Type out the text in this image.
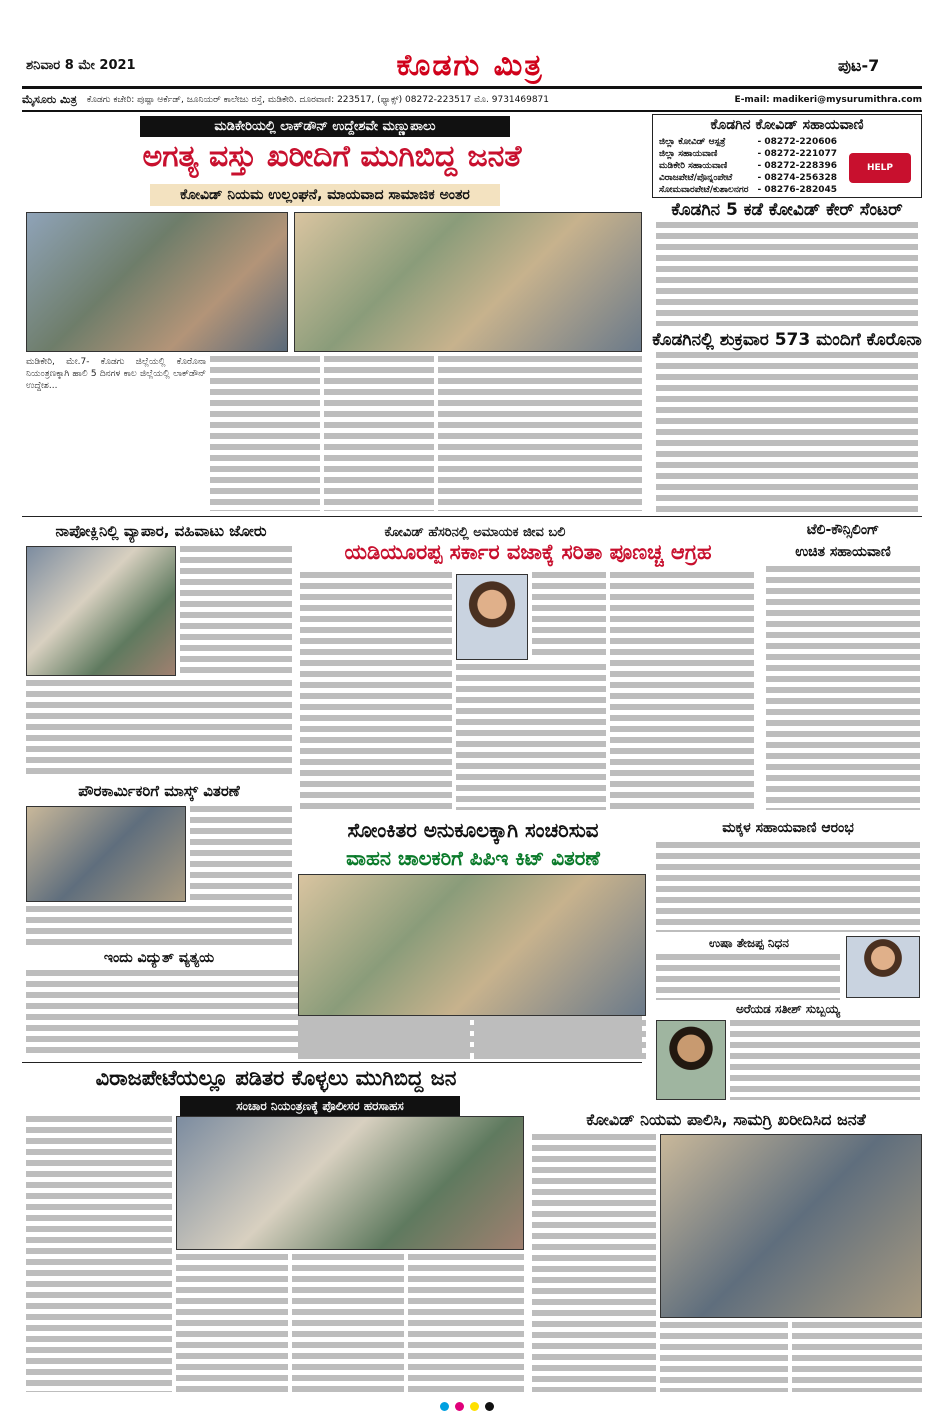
ಶನಿವಾರ 8 ಮೇ 2021	ಕೊಡಗು ಮಿತ್ರ	ಪುಟ-7
ಮೈಸೂರು ಮಿತ್ರ ಕೊಡಗು ಕಚೇರಿ: ಪುಷ್ಪಾ ಆರ್ಕೆಡ್, ಜೂನಿಯರ್ ಕಾಲೇಜು ರಸ್ತೆ, ಮಡಿಕೇರಿ. ದೂರವಾಣಿ: 223517, (ಫ್ಯಾಕ್ಸ್) 08272-223517 ಮೊ. 9731469871	E-mail: madikeri@mysurumithra.com
ಮಡಿಕೇರಿಯಲ್ಲಿ ಲಾಕ್‌ಡೌನ್ ಉದ್ದೇಶವೇ ಮಣ್ಣುಪಾಲು
ಅಗತ್ಯ ವಸ್ತು ಖರೀದಿಗೆ ಮುಗಿಬಿದ್ದ ಜನತೆ
ಕೋವಿಡ್ ನಿಯಮ ಉಲ್ಲಂಘನೆ, ಮಾಯವಾದ ಸಾಮಾಜಿಕ ಅಂತರ
ಮಡಿಕೇರಿ, ಮೇ.7- ಕೊಡಗು ಜಿಲ್ಲೆಯಲ್ಲಿ ಕೊರೊನಾ ನಿಯಂತ್ರಣಕ್ಕಾಗಿ ಹಾಲಿ 5 ದಿನಗಳ ಕಾಲ ಜಿಲ್ಲೆಯಲ್ಲಿ ಲಾಕ್‌ಡೌನ್ ಉದ್ದೇಶ...
ಕೊಡಗಿನ ಕೋವಿಡ್ ಸಹಾಯವಾಣಿ
ಜಿಲ್ಲಾ ಕೋವಿಡ್ ಆಸ್ಪತ್ರೆ	- 08272-220606
ಜಿಲ್ಲಾ ಸಹಾಯವಾಣಿ	- 08272-221077
ಮಡಿಕೇರಿ ಸಹಾಯವಾಣಿ	- 08272-228396
ವಿರಾಜಪೇಟೆ/ಪೊನ್ನಂಪೇಟೆ	- 08274-256328
ಸೋಮವಾರಪೇಟೆ/ಕುಶಾಲನಗರ - 08276-282045
HELP
ಕೊಡಗಿನ 5 ಕಡೆ ಕೋವಿಡ್ ಕೇರ್ ಸೆಂಟರ್
ಕೊಡಗಿನಲ್ಲಿ ಶುಕ್ರವಾರ 573 ಮಂದಿಗೆ ಕೊರೊನಾ
ನಾಪೋಕ್ಲಿನಿಲ್ಲಿ ವ್ಯಾಪಾರ, ವಹಿವಾಟು ಜೋರು
ಪೌರಕಾರ್ಮಿಕರಿಗೆ ಮಾಸ್ಕ್ ವಿತರಣೆ
ಇಂದು ವಿದ್ಯುತ್ ವ್ಯತ್ಯಯ
ಕೋವಿಡ್ ಹೆಸರಿನಲ್ಲಿ ಅಮಾಯಕ ಜೀವ ಬಲಿ
ಯಡಿಯೂರಪ್ಪ ಸರ್ಕಾರ ವಜಾಕ್ಕೆ ಸರಿತಾ ಪೂಣಚ್ಚ ಆಗ್ರಹ
ಟೆಲಿ-ಕೌನ್ಸಿಲಿಂಗ್
ಉಚಿತ ಸಹಾಯವಾಣಿ
ಸೋಂಕಿತರ ಅನುಕೂಲಕ್ಕಾಗಿ ಸಂಚರಿಸುವ
ವಾಹನ ಚಾಲಕರಿಗೆ ಪಿಪಿಇ ಕಿಟ್ ವಿತರಣೆ
ಮಕ್ಕಳ ಸಹಾಯವಾಣಿ ಆರಂಭ
ಉಷಾ ತೇಜಪ್ಪ ನಿಧನ
ಅರೆಯಡ ಸತೀಶ್ ಸುಬ್ಬಯ್ಯ
ವಿರಾಜಪೇಟೆಯಲ್ಲೂ ಪಡಿತರ ಕೊಳ್ಳಲು ಮುಗಿಬಿದ್ದ ಜನ
ಸಂಚಾರ ನಿಯಂತ್ರಣಕ್ಕೆ ಪೊಲೀಸರ ಹರಸಾಹಸ
ಕೋವಿಡ್ ನಿಯಮ ಪಾಲಿಸಿ, ಸಾಮಗ್ರಿ ಖರೀದಿಸಿದ ಜನತೆ
